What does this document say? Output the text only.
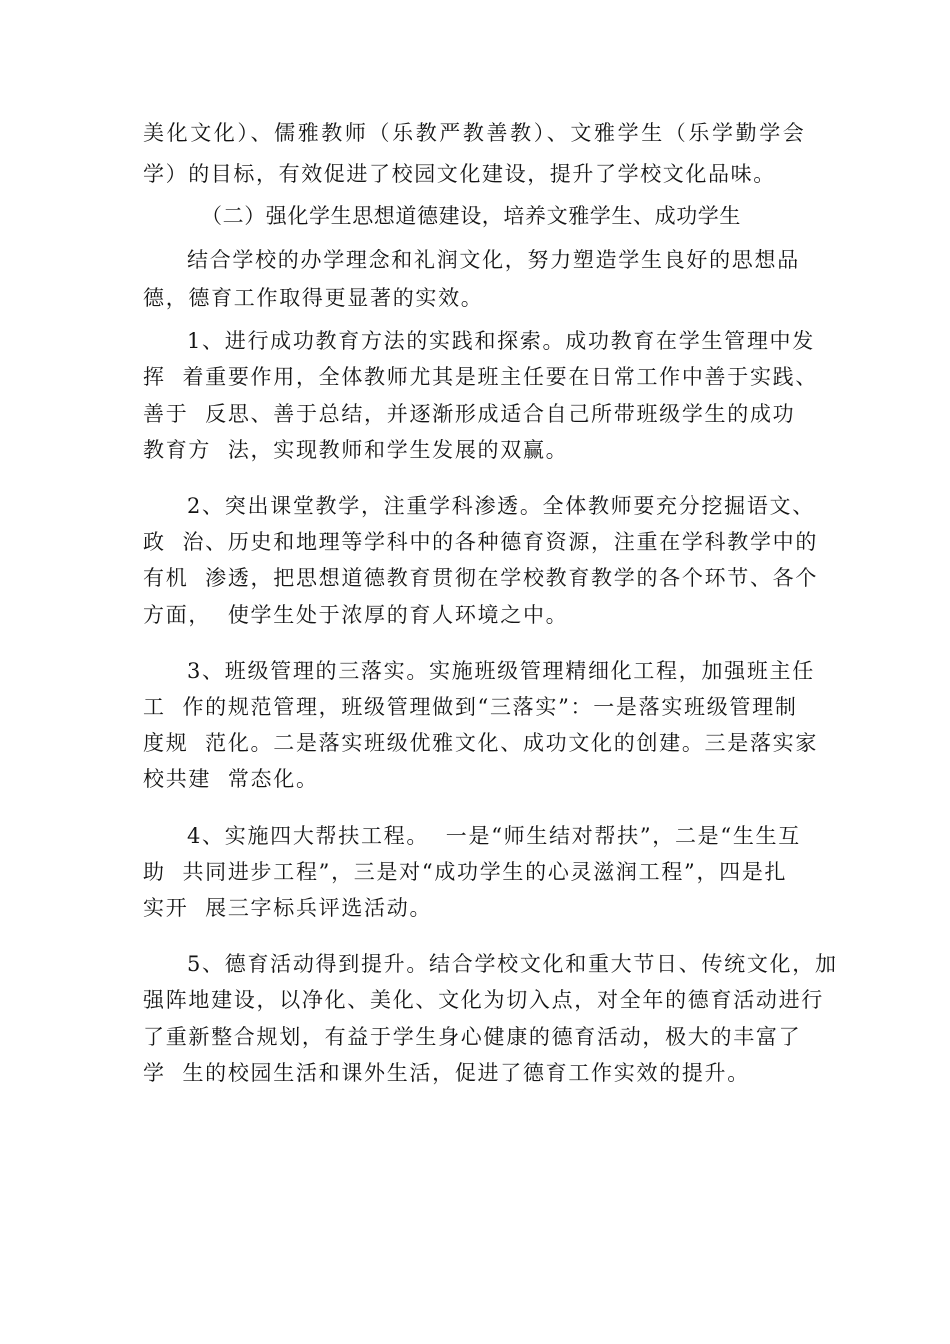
美化文化）、儒雅教师（乐教严教善教）、文雅学生（乐学勤学会
学）的目标，有效促进了校园文化建设，提升了学校文化品味。
（二）强化学生思想道德建设，培养文雅学生、成功学生
结合学校的办学理念和礼润文化，努力塑造学生良好的思想品
德，德育工作取得更显著的实效。
1、进行成功教育方法的实践和探索。成功教育在学生管理中发
挥  着重要作用，全体教师尤其是班主任要在日常工作中善于实践、
善于  反思、善于总结，并逐渐形成适合自己所带班级学生的成功
教育方  法，实现教师和学生发展的双赢。
2、突出课堂教学，注重学科渗透。全体教师要充分挖掘语文、
政  治、历史和地理等学科中的各种德育资源，注重在学科教学中的
有机  渗透，把思想道德教育贯彻在学校教育教学的各个环节、各个
方面，  使学生处于浓厚的育人环境之中。
3、班级管理的三落实。实施班级管理精细化工程，加强班主任
工  作的规范管理，班级管理做到“三落实”：一是落实班级管理制
度规  范化。二是落实班级优雅文化、成功文化的创建。三是落实家
校共建  常态化。
4、实施四大帮扶工程。  一是“师生结对帮扶”，二是“生生互
助  共同进步工程”，三是对“成功学生的心灵滋润工程”，四是扎
实开  展三字标兵评选活动。
5、德育活动得到提升。结合学校文化和重大节日、传统文化，加
强阵地建设，以净化、美化、文化为切入点，对全年的德育活动进行
了重新整合规划，有益于学生身心健康的德育活动，极大的丰富了
学  生的校园生活和课外生活，促进了德育工作实效的提升。
